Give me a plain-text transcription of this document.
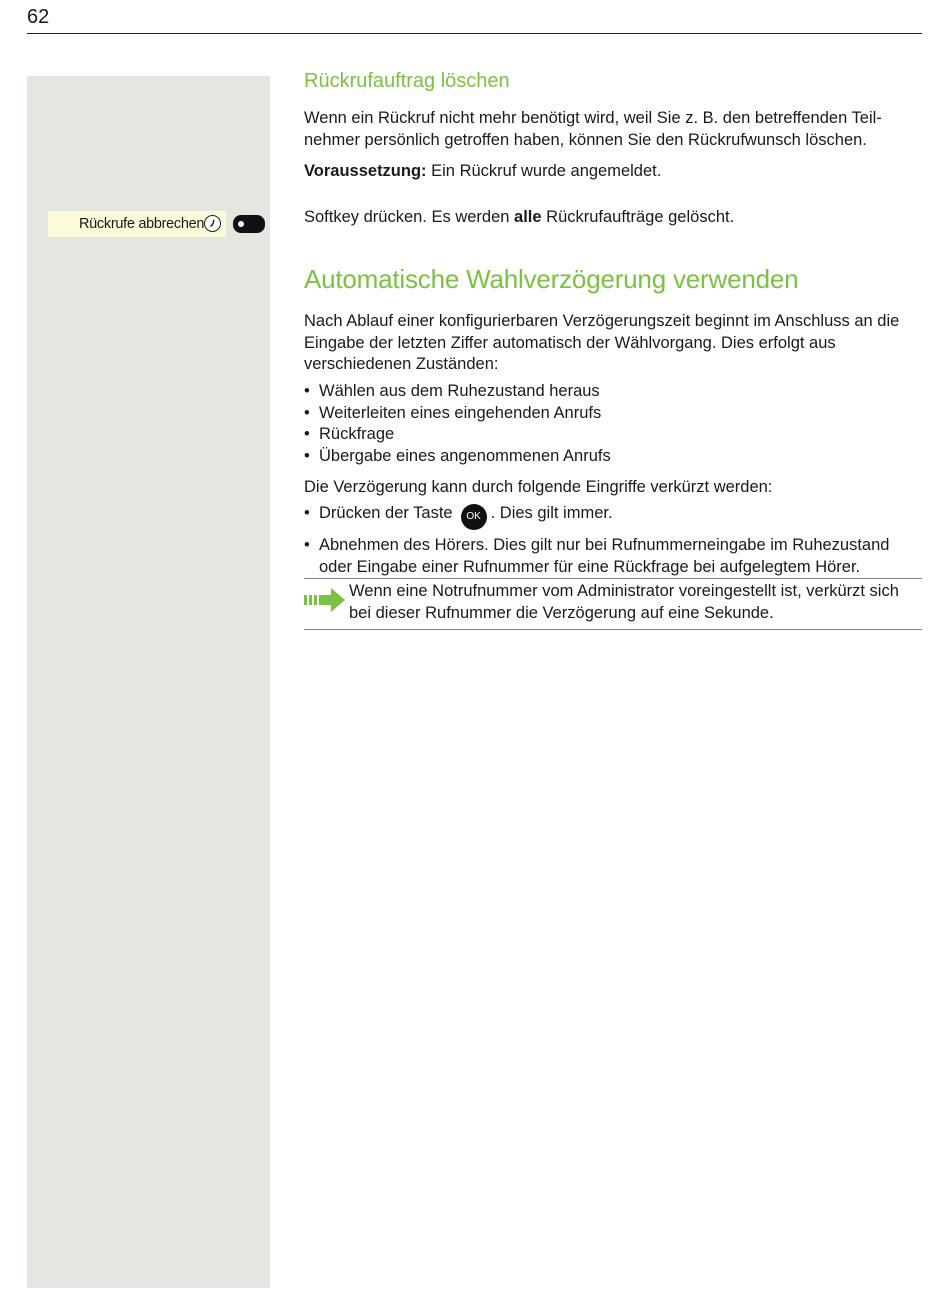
62
Rückrufe abbrechen
Rückrufauftrag löschen

Wenn ein Rückruf nicht mehr benötigt wird, weil Sie z. B. den betreffenden Teil-nehmer persönlich getroffen haben, können Sie den Rückrufwunsch löschen.

Voraussetzung: Ein Rückruf wurde angemeldet.

Softkey drücken. Es werden alle Rückrufaufträge gelöscht.

Automatische Wahlverzögerung verwenden

Nach Ablauf einer konfigurierbaren Verzögerungszeit beginnt im Anschluss an die Eingabe der letzten Ziffer automatisch der Wählvorgang. Dies erfolgt aus verschiedenen Zuständen:

• Wählen aus dem Ruhezustand heraus
• Weiterleiten eines eingehenden Anrufs
• Rückfrage
• Übergabe eines angenommenen Anrufs

Die Verzögerung kann durch folgende Eingriffe verkürzt werden:

• Drücken der Taste OK . Dies gilt immer.
• Abnehmen des Hörers. Dies gilt nur bei Rufnummerneingabe im Ruhezustand oder Eingabe einer Rufnummer für eine Rückfrage bei aufgelegtem Hörer.
Wenn eine Notrufnummer vom Administrator voreingestellt ist, verkürzt sich bei dieser Rufnummer die Verzögerung auf eine Sekunde.
